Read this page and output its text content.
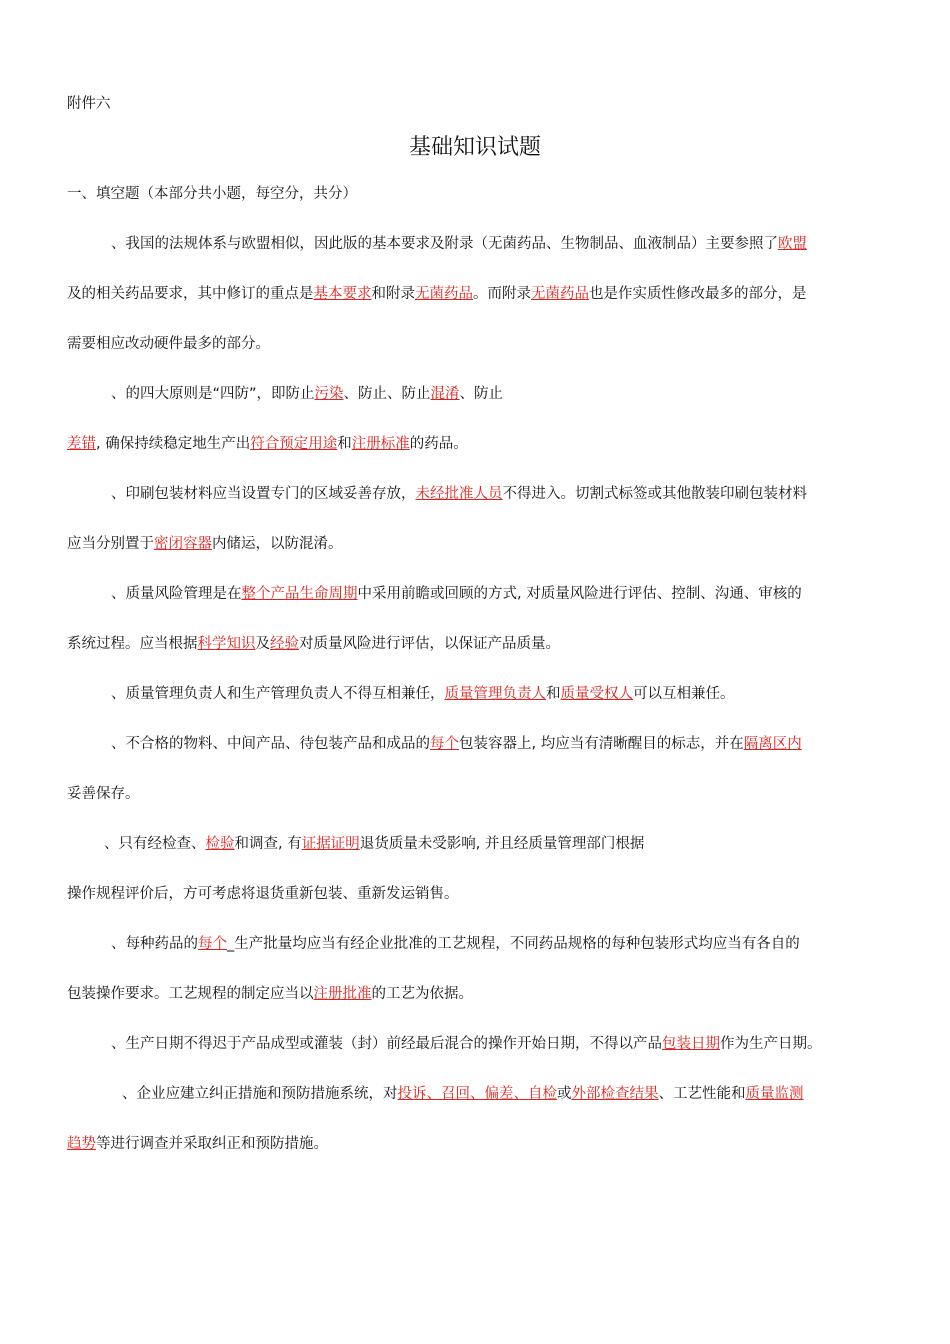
附件六
基础知识试题
一、填空题（本部分共小题，每空分，共分）
、我国的法规体系与欧盟相似，因此版的基本要求及附录（无菌药品、生物制品、血液制品）主要参照了欧盟
及的相关药品要求，其中修订的重点是基本要求和附录无菌药品。而附录无菌药品也是作实质性修改最多的部分，是
需要相应改动硬件最多的部分。
、的四大原则是“四防”，即防止污染、防止、防止混淆、防止
差错, 确保持续稳定地生产出符合预定用途和注册标准的药品。
、印刷包装材料应当设置专门的区域妥善存放，未经批准人员不得进入。切割式标签或其他散装印刷包装材料
应当分别置于密闭容器内储运，以防混淆。
、质量风险管理是在整个产品生命周期中采用前瞻或回顾的方式, 对质量风险进行评估、控制、沟通、审核的
系统过程。应当根据科学知识及经验对质量风险进行评估，以保证产品质量。
、质量管理负责人和生产管理负责人不得互相兼任，质量管理负责人和质量受权人可以互相兼任。
、不合格的物料、中间产品、待包装产品和成品的每个包装容器上, 均应当有清晰醒目的标志，并在隔离区内
妥善保存。
、只有经检查、检验和调查, 有证据证明退货质量未受影响, 并且经质量管理部门根据
操作规程评价后，方可考虑将退货重新包装、重新发运销售。
、每种药品的每个_生产批量均应当有经企业批准的工艺规程，不同药品规格的每种包装形式均应当有各自的
包装操作要求。工艺规程的制定应当以注册批准的工艺为依据。
、生产日期不得迟于产品成型或灌装（封）前经最后混合的操作开始日期，不得以产品包装日期作为生产日期。
、企业应建立纠正措施和预防措施系统，对投诉、召回、偏差、自检或外部检查结果、工艺性能和质量监测
趋势等进行调查并采取纠正和预防措施。
